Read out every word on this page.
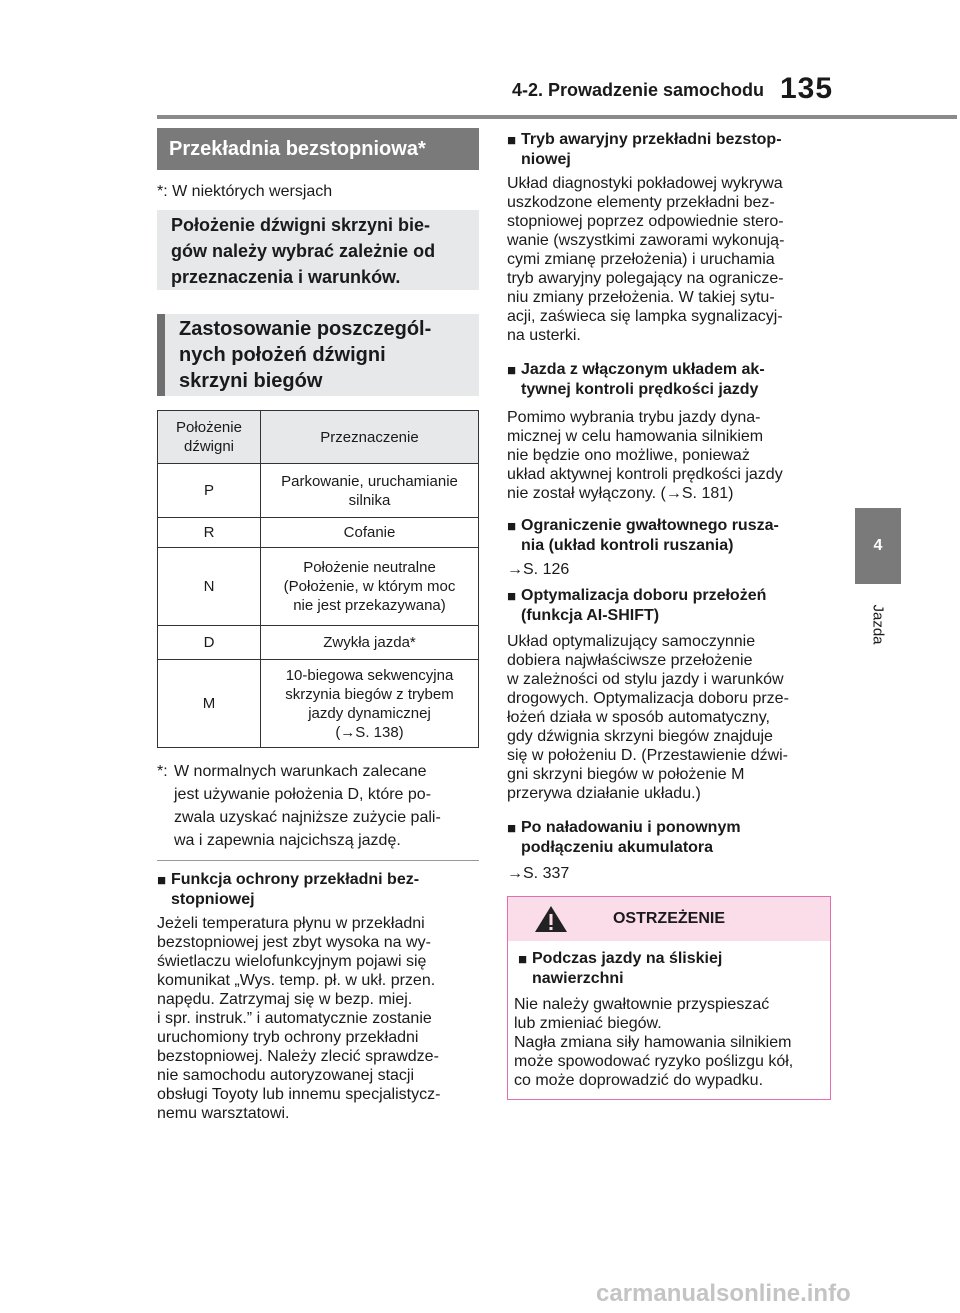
4-2. Prowadzenie samochodu 135
4
Jazda
Przekładnia bezstopniowa*
*: W niektórych wersjach
Położenie dźwigni skrzyni bie-
gów należy wybrać zależnie od
przeznaczenia i warunków.
Zastosowanie poszczegól-
nych położeń dźwigni
skrzyni biegów
Położenie
dźwigni	Przeznaczenie
P	Parkowanie, uruchamianie
silnika
R	Cofanie
N	Położenie neutralne
(Położenie, w którym moc
nie jest przekazywana)
D	Zwykła jazda*
M	10-biegowa sekwencyjna
skrzynia biegów z trybem
jazdy dynamicznej
(→S. 138)
*: W normalnych warunkach zalecane
jest używanie położenia D, które po-
zwala uzyskać najniższe zużycie pali-
wa i zapewnia najcichszą jazdę.
■ Funkcja ochrony przekładni bez-
stopniowej
Jeżeli temperatura płynu w przekładni
bezstopniowej jest zbyt wysoka na wy-
świetlaczu wielofunkcyjnym pojawi się
komunikat „Wys. temp. pł. w ukł. przen.
napędu. Zatrzymaj się w bezp. miej.
i spr. instruk.” i automatycznie zostanie
uruchomiony tryb ochrony przekładni
bezstopniowej. Należy zlecić sprawdze-
nie samochodu autoryzowanej stacji
obsługi Toyoty lub innemu specjalistycz-
nemu warsztatowi.
■ Tryb awaryjny przekładni bezstop-
niowej
Układ diagnostyki pokładowej wykrywa
uszkodzone elementy przekładni bez-
stopniowej poprzez odpowiednie stero-
wanie (wszystkimi zaworami wykonują-
cymi zmianę przełożenia) i uruchamia
tryb awaryjny polegający na ogranicze-
niu zmiany przełożenia. W takiej sytu-
acji, zaświeca się lampka sygnalizacyj-
na usterki.
■ Jazda z włączonym układem ak-
tywnej kontroli prędkości jazdy
Pomimo wybrania trybu jazdy dyna-
micznej w celu hamowania silnikiem
nie będzie ono możliwe, ponieważ
układ aktywnej kontroli prędkości jazdy
nie został wyłączony. (→S. 181)
■ Ograniczenie gwałtownego rusza-
nia (układ kontroli ruszania)
→S. 126
■ Optymalizacja doboru przełożeń
(funkcja AI-SHIFT)
Układ optymalizujący samoczynnie
dobiera najwłaściwsze przełożenie
w zależności od stylu jazdy i warunków
drogowych. Optymalizacja doboru prze-
łożeń działa w sposób automatyczny,
gdy dźwignia skrzyni biegów znajduje
się w położeniu D. (Przestawienie dźwi-
gni skrzyni biegów w położenie M
przerywa działanie układu.)
■ Po naładowaniu i ponownym
podłączeniu akumulatora
→S. 337
OSTRZEŻENIE
■ Podczas jazdy na śliskiej
nawierzchni
Nie należy gwałtownie przyspieszać
lub zmieniać biegów.
Nagła zmiana siły hamowania silnikiem
może spowodować ryzyko poślizgu kół,
co może doprowadzić do wypadku.
carmanualsonline.info
